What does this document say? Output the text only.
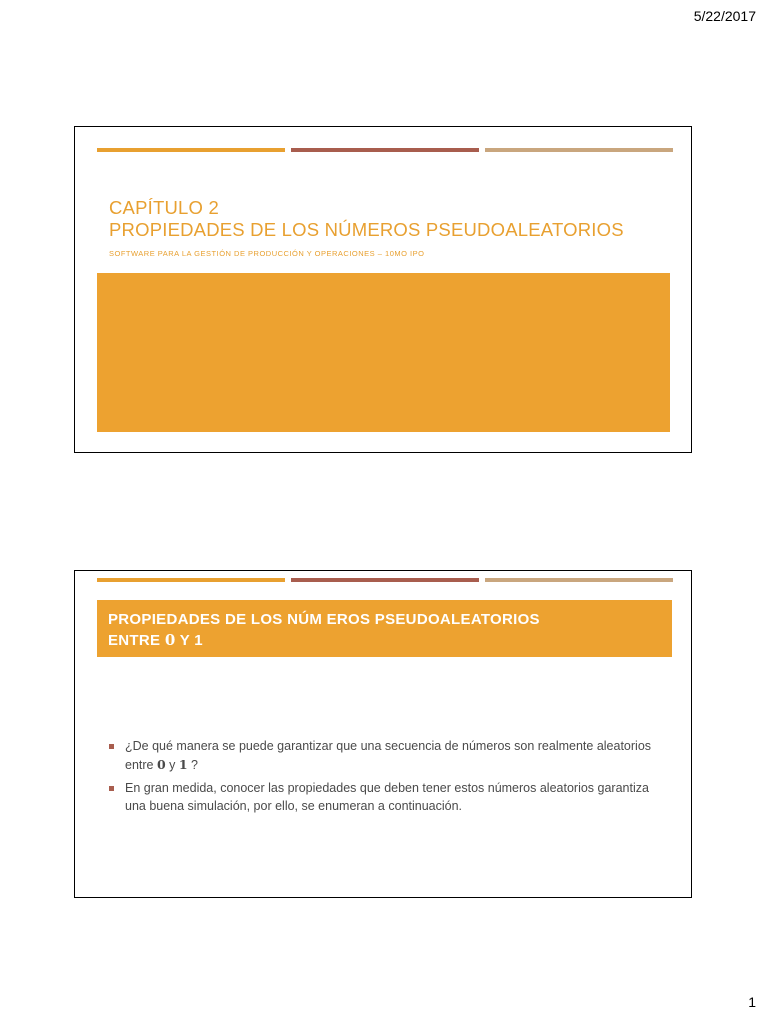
5/22/2017
CAPÍTULO 2
PROPIEDADES DE LOS NÚMEROS PSEUDOALEATORIOS
SOFTWARE PARA LA GESTIÓN DE PRODUCCIÓN Y OPERACIONES – 10MO IPO
PROPIEDADES DE LOS NÚM EROS PSEUDOALEATORIOS
ENTRE 0 Y 1
¿De qué manera se puede garantizar que una secuencia de números son realmente aleatorios entre 0 y 1 ?
En gran medida, conocer las propiedades que deben tener estos números aleatorios garantiza una buena simulación, por ello, se enumeran a continuación.
1
